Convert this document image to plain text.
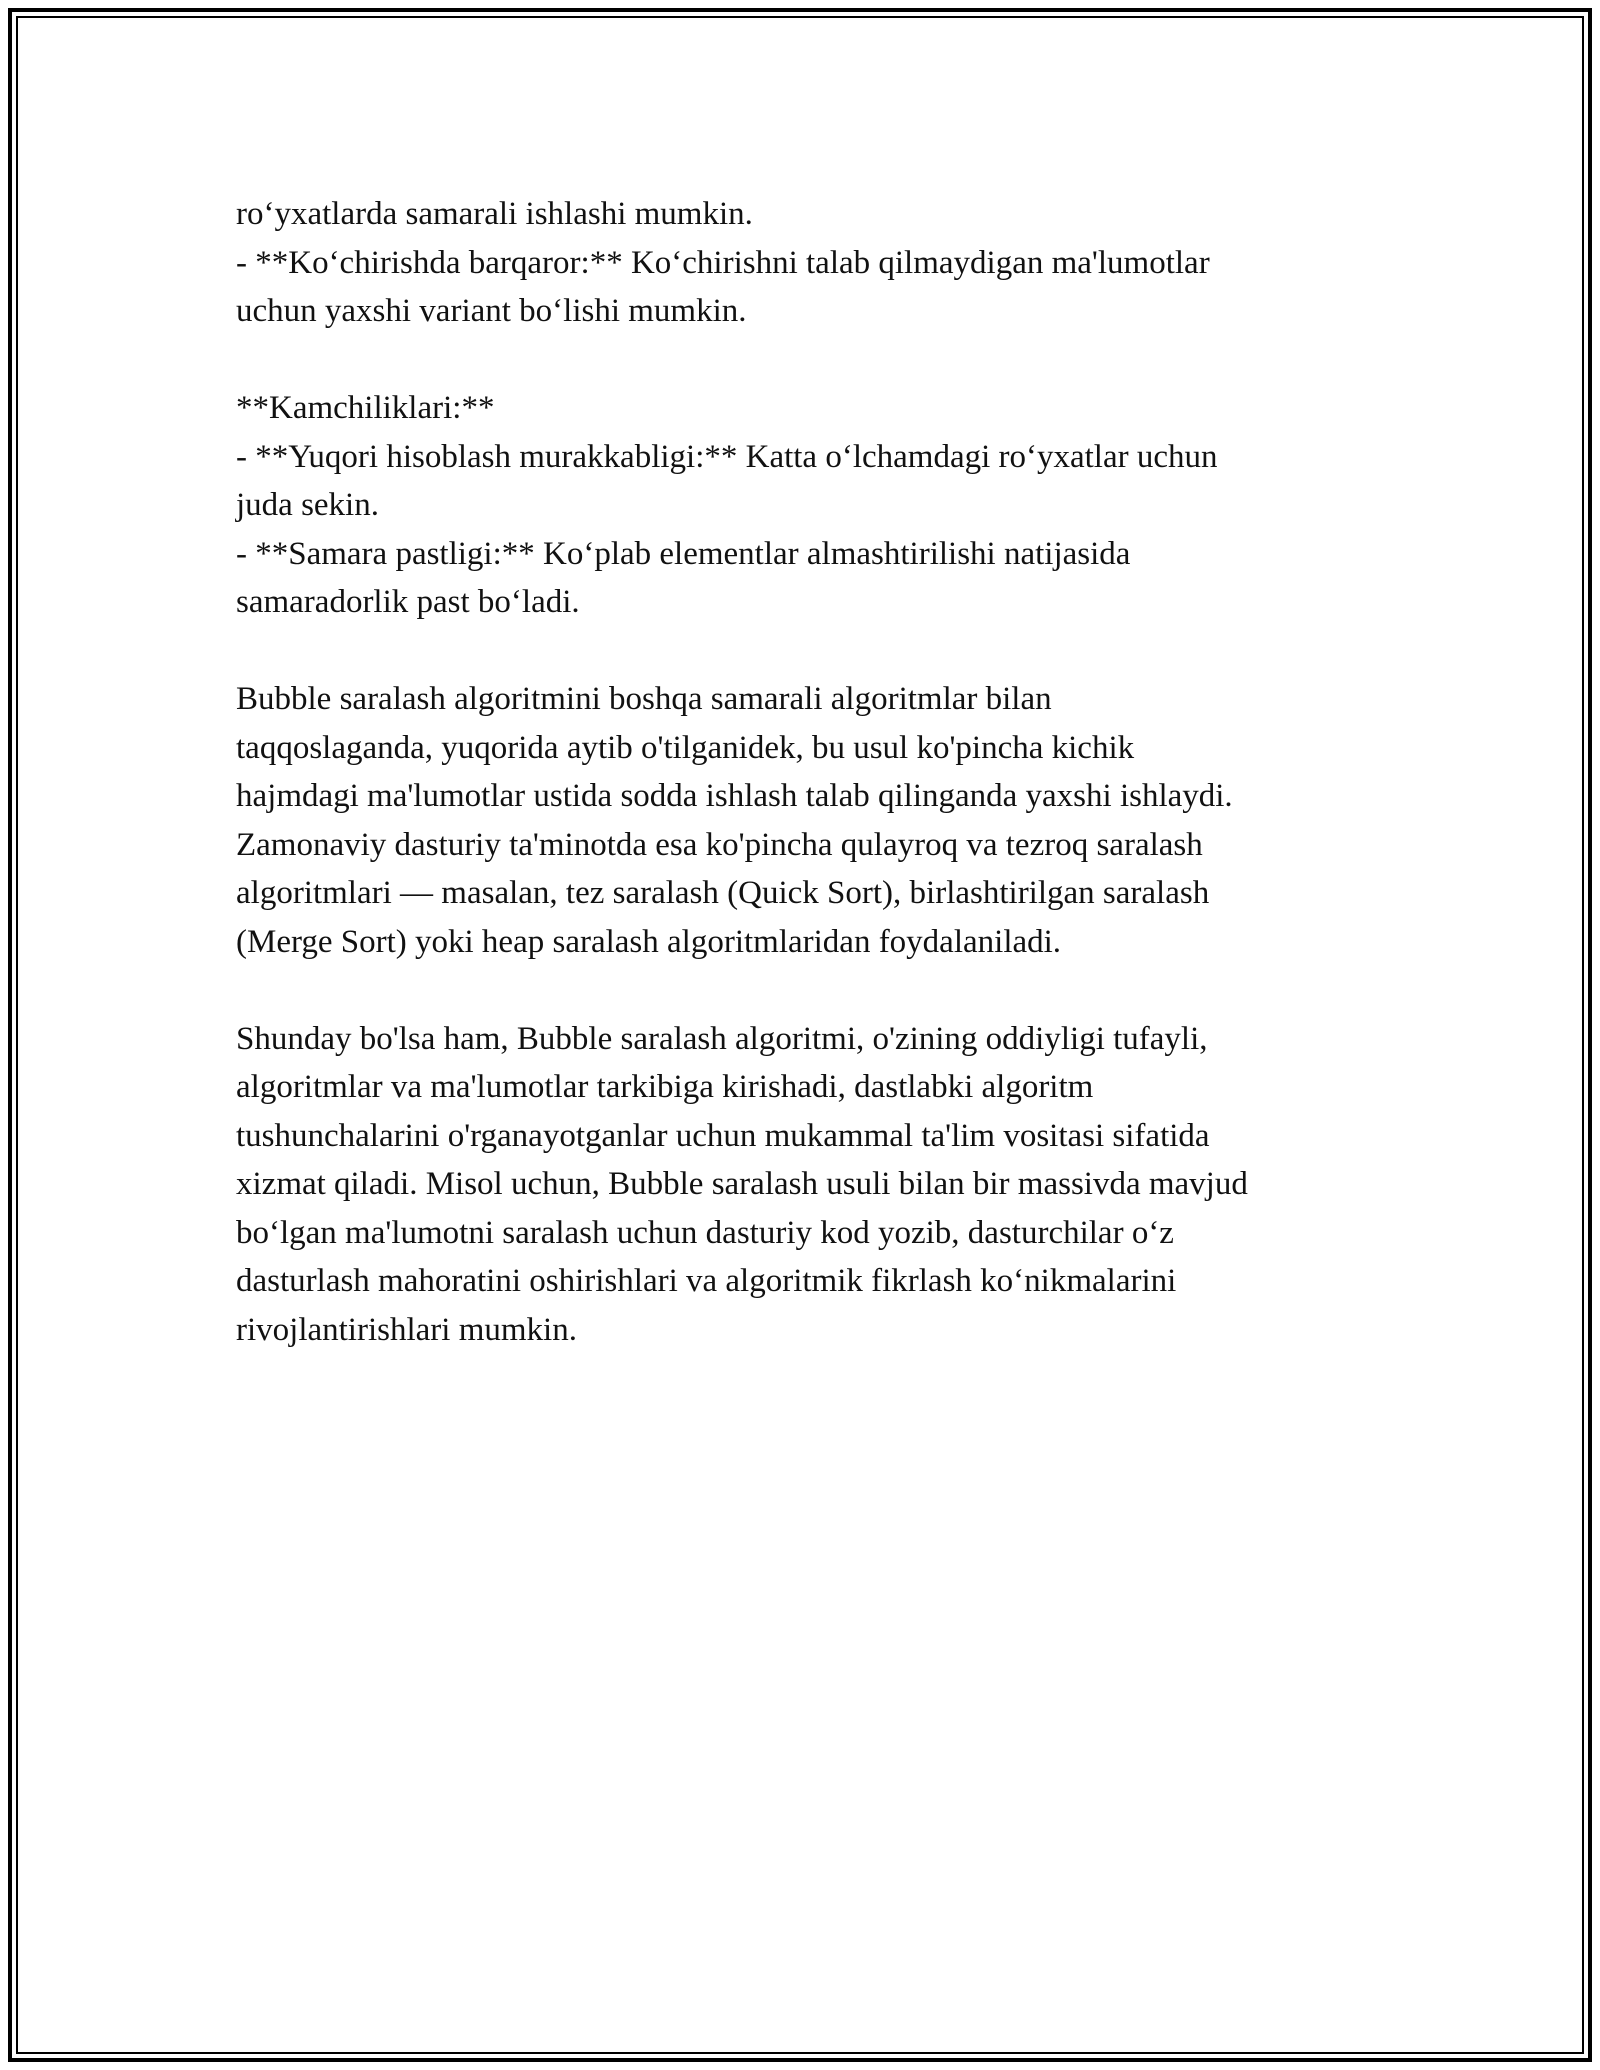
ro‘yxatlarda samarali ishlashi mumkin.
- **Ko‘chirishda barqaror:** Ko‘chirishni talab qilmaydigan ma'lumotlar
uchun yaxshi variant bo‘lishi mumkin.
**Kamchiliklari:**
- **Yuqori hisoblash murakkabligi:** Katta o‘lchamdagi ro‘yxatlar uchun
juda sekin.
- **Samara pastligi:** Ko‘plab elementlar almashtirilishi natijasida
samaradorlik past bo‘ladi.
Bubble saralash algoritmini boshqa samarali algoritmlar bilan
taqqoslaganda, yuqorida aytib o'tilganidek, bu usul ko'pincha kichik
hajmdagi ma'lumotlar ustida sodda ishlash talab qilinganda yaxshi ishlaydi.
Zamonaviy dasturiy ta'minotda esa ko'pincha qulayroq va tezroq saralash
algoritmlari — masalan, tez saralash (Quick Sort), birlashtirilgan saralash
(Merge Sort) yoki heap saralash algoritmlaridan foydalaniladi.
Shunday bo'lsa ham, Bubble saralash algoritmi, o'zining oddiyligi tufayli,
algoritmlar va ma'lumotlar tarkibiga kirishadi, dastlabki algoritm
tushunchalarini o'rganayotganlar uchun mukammal ta'lim vositasi sifatida
xizmat qiladi. Misol uchun, Bubble saralash usuli bilan bir massivda mavjud
bo‘lgan ma'lumotni saralash uchun dasturiy kod yozib, dasturchilar o‘z
dasturlash mahoratini oshirishlari va algoritmik fikrlash ko‘nikmalarini
rivojlantirishlari mumkin.
